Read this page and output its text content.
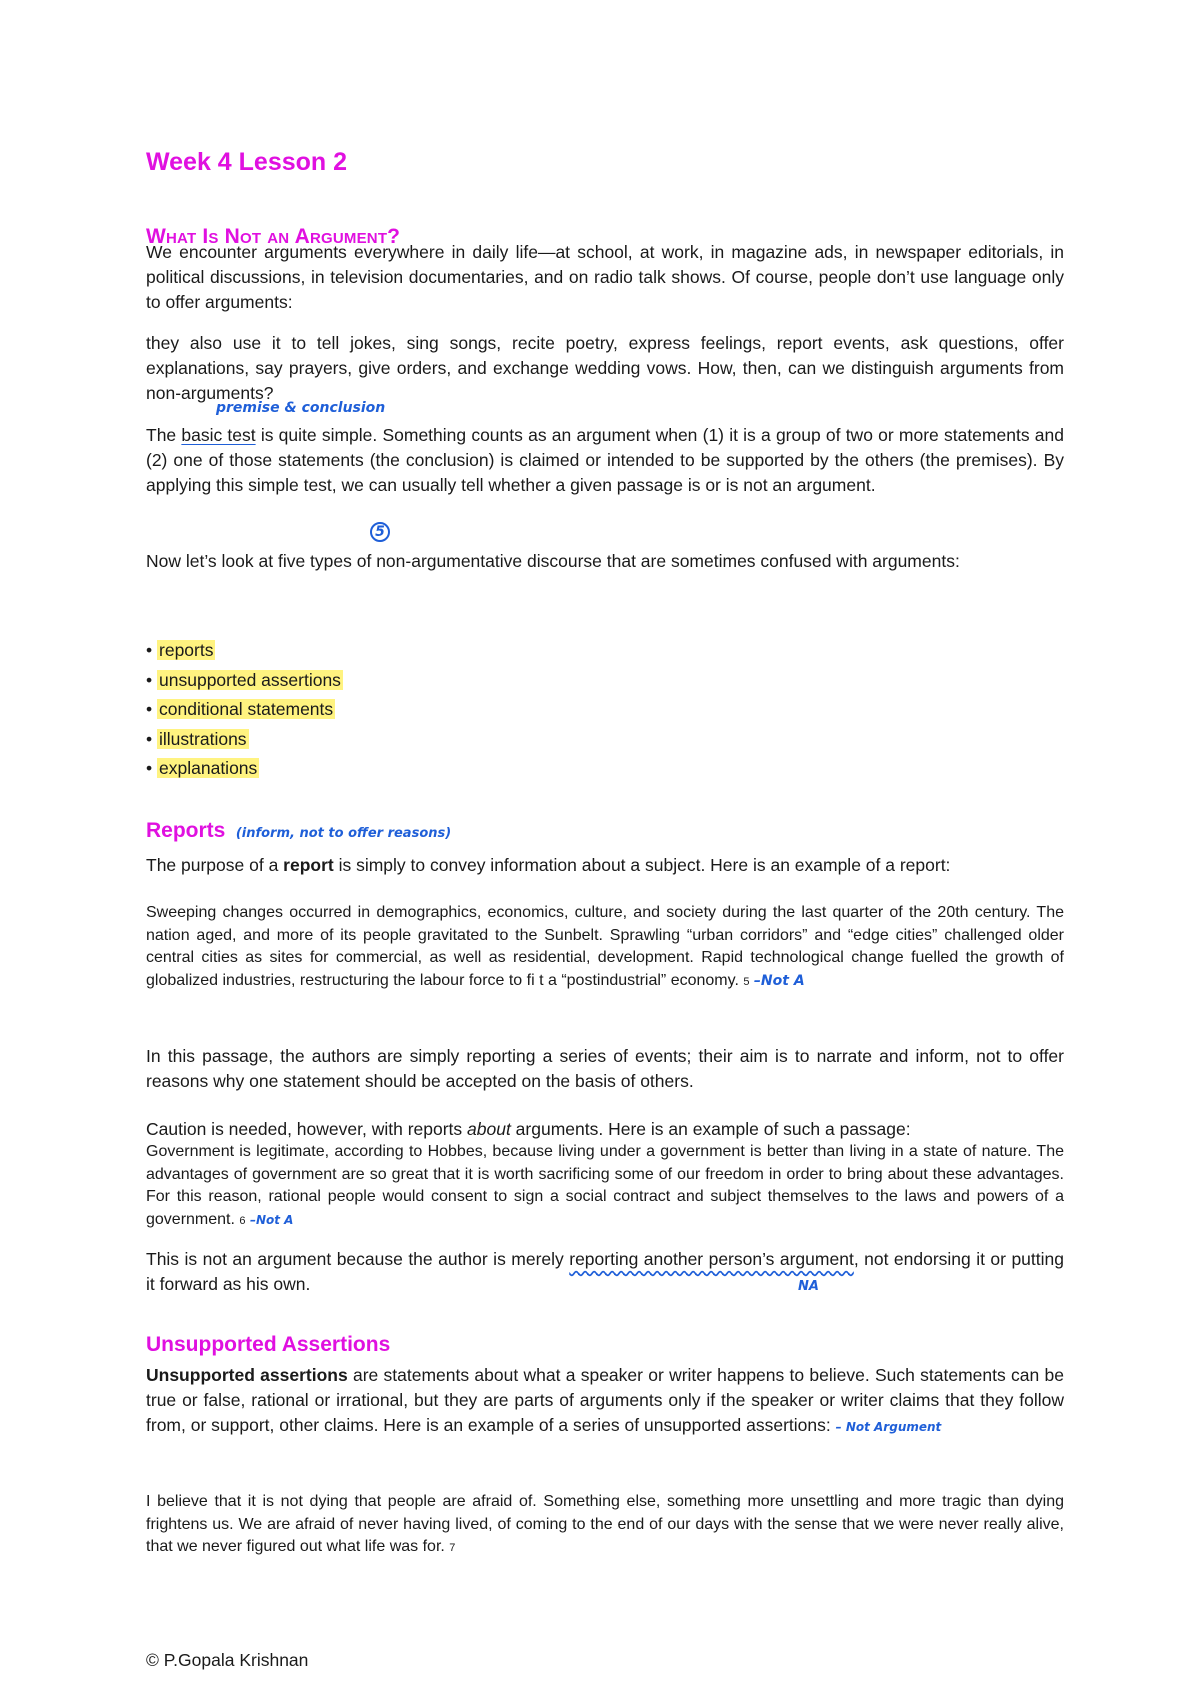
Week 4 Lesson 2
What Is Not an Argument?

We encounter arguments everywhere in daily life—at school, at work, in magazine ads, in newspaper editorials, in political discussions, in television documentaries, and on radio talk shows. Of course, people don’t use language only to offer arguments:

they also use it to tell jokes, sing songs, recite poetry, express feelings, report events, ask questions, offer explanations, say prayers, give orders, and exchange wedding vows. How, then, can we distinguish arguments from non-arguments?

premise & conclusion

The basic test is quite simple. Something counts as an argument when (1) it is a group of two or more statements and (2) one of those statements (the conclusion) is claimed or intended to be supported by the others (the premises). By applying this simple test, we can usually tell whether a given passage is or is not an argument.

5

Now let’s look at five types of non-argumentative discourse that are sometimes confused with arguments:

• reports
• unsupported assertions
• conditional statements
• illustrations
• explanations
Reports (inform, not to offer reasons)

The purpose of a report is simply to convey information about a subject. Here is an example of a report:

Sweeping changes occurred in demographics, economics, culture, and society during the last quarter of the 20th century. The nation aged, and more of its people gravitated to the Sunbelt. Sprawling “urban corridors” and “edge cities” challenged older central cities as sites for commercial, as well as residential, development. Rapid technological change fuelled the growth of globalized industries, restructuring the labour force to fi t a “postindustrial” economy. 5 –Not A

In this passage, the authors are simply reporting a series of events; their aim is to narrate and inform, not to offer reasons why one statement should be accepted on the basis of others.

Caution is needed, however, with reports about arguments. Here is an example of such a passage:

Government is legitimate, according to Hobbes, because living under a government is better than living in a state of nature. The advantages of government are so great that it is worth sacrificing some of our freedom in order to bring about these advantages. For this reason, rational people would consent to sign a social contract and subject themselves to the laws and powers of a government. 6 –Not A

This is not an argument because the author is merely reporting another person’s argument, not endorsing it or putting it forward as his own.	NA
Unsupported Assertions

Unsupported assertions are statements about what a speaker or writer happens to believe. Such statements can be true or false, rational or irrational, but they are parts of arguments only if the speaker or writer claims that they follow from, or support, other claims. Here is an example of a series of unsupported assertions: – Not Argument

I believe that it is not dying that people are afraid of. Something else, something more unsettling and more tragic than dying frightens us. We are afraid of never having lived, of coming to the end of our days with the sense that we were never really alive, that we never figured out what life was for. 7

© P.Gopala Krishnan
